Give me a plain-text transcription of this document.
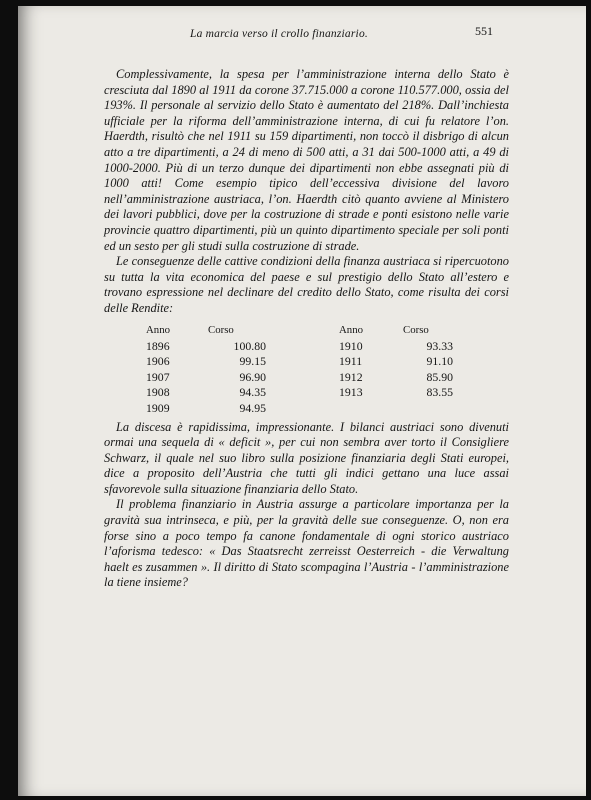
La marcia verso il crollo finanziario.	551

Complessivamente, la spesa per l’amministrazione interna dello Stato è cresciuta dal 1890 al 1911 da corone 37.715.000 a corone 110.577.000, ossia del 193%. Il personale al servizio dello Stato è aumentato del 218%. Dall’inchiesta ufficiale per la riforma dell’amministrazione interna, di cui fu relatore l’on. Haerdth, risultò che nel 1911 su 159 dipartimenti, non toccò il disbrigo di alcun atto a tre dipartimenti, a 24 di meno di 500 atti, a 31 dai 500-1000 atti, a 49 di 1000-2000. Più di un terzo dunque dei dipartimenti non ebbe assegnati più di 1000 atti! Come esempio tipico dell’eccessiva divisione del lavoro nell’amministrazione austriaca, l’on. Haerdth citò quanto avviene al Ministero dei lavori pubblici, dove per la costruzione di strade e ponti esistono nelle varie provincie quattro dipartimenti, più un quinto dipartimento speciale per soli ponti ed un sesto per gli studi sulla costruzione di strade.

Le conseguenze delle cattive condizioni della finanza austriaca si ripercuotono su tutta la vita economica del paese e sul prestigio dello Stato all’estero e trovano espressione nel declinare del credito dello Stato, come risulta dei corsi delle Rendite:

Anno	Corso
1896	100.80
1906	99.15
1907	96.90
1908	94.35
1909	94.95
Anno	Corso
1910	93.33
1911	91.10
1912	85.90
1913	83.55

La discesa è rapidissima, impressionante. I bilanci austriaci sono divenuti ormai una sequela di « deficit », per cui non sembra aver torto il Consigliere Schwarz, il quale nel suo libro sulla posizione finanziaria degli Stati europei, dice a proposito dell’Austria che tutti gli indici gettano una luce assai sfavorevole sulla situazione finanziaria dello Stato.

Il problema finanziario in Austria assurge a particolare importanza per la gravità sua intrinseca, e più, per la gravità delle sue conseguenze. O, non era forse sino a poco tempo fa canone fondamentale di ogni storico austriaco l’aforisma tedesco: « Das Staatsrecht zerreisst Oesterreich - die Verwaltung haelt es zusammen ». Il diritto di Stato scompagina l’Austria - l’amministrazione la tiene insieme?
